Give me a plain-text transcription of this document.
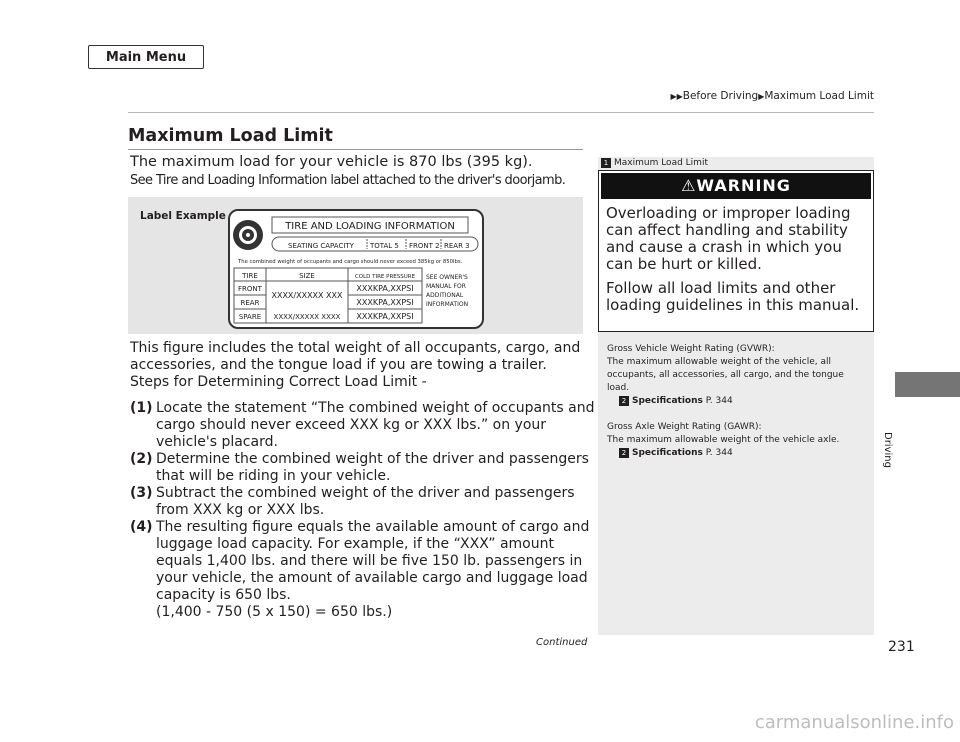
Main Menu
▶▶Before Driving▶Maximum Load Limit
Maximum Load Limit
The maximum load for your vehicle is 870 lbs (395 kg).
See Tire and Loading Information label attached to the driver's doorjamb.
Label Example
TIRE AND LOADING INFORMATION
SEATING CAPACITY TOTAL 5 FRONT 2 REAR 3
The combined weight of occupants and cargo should never exceed 385kg or 850lbs.
TIRE	SIZE	COLD TIRE PRESSURE
FRONT
REAR
SPARE
XXXX/XXXXX XXX
XXXX/XXXXX XXXX
XXXKPA,XXPSI
XXXKPA,XXPSI
XXXKPA,XXPSI
SEE OWNER'S MANUAL FOR ADDITIONAL INFORMATION
This figure includes the total weight of all occupants, cargo, and
accessories, and the tongue load if you are towing a trailer.
Steps for Determining Correct Load Limit -
(1) Locate the statement “The combined weight of occupants and
cargo should never exceed XXX kg or XXX lbs.” on your
vehicle's placard.
(2) Determine the combined weight of the driver and passengers
that will be riding in your vehicle.
(3) Subtract the combined weight of the driver and passengers
from XXX kg or XXX lbs.
(4) The resulting figure equals the available amount of cargo and
luggage load capacity. For example, if the “XXX” amount
equals 1,400 lbs. and there will be five 150 lb. passengers in
your vehicle, the amount of available cargo and luggage load
capacity is 650 lbs.
(1,400 - 750 (5 x 150) = 650 lbs.)
Continued
1 Maximum Load Limit
⚠WARNING
Overloading or improper loading can affect handling and stability and cause a crash in which you can be hurt or killed.
Follow all load limits and other loading guidelines in this manual.
Gross Vehicle Weight Rating (GVWR):
The maximum allowable weight of the vehicle, all occupants, all accessories, all cargo, and the tongue load.
2 Specifications P. 344
Gross Axle Weight Rating (GAWR):
The maximum allowable weight of the vehicle axle.
2 Specifications P. 344
231
Driving
carmanualsonline.info
